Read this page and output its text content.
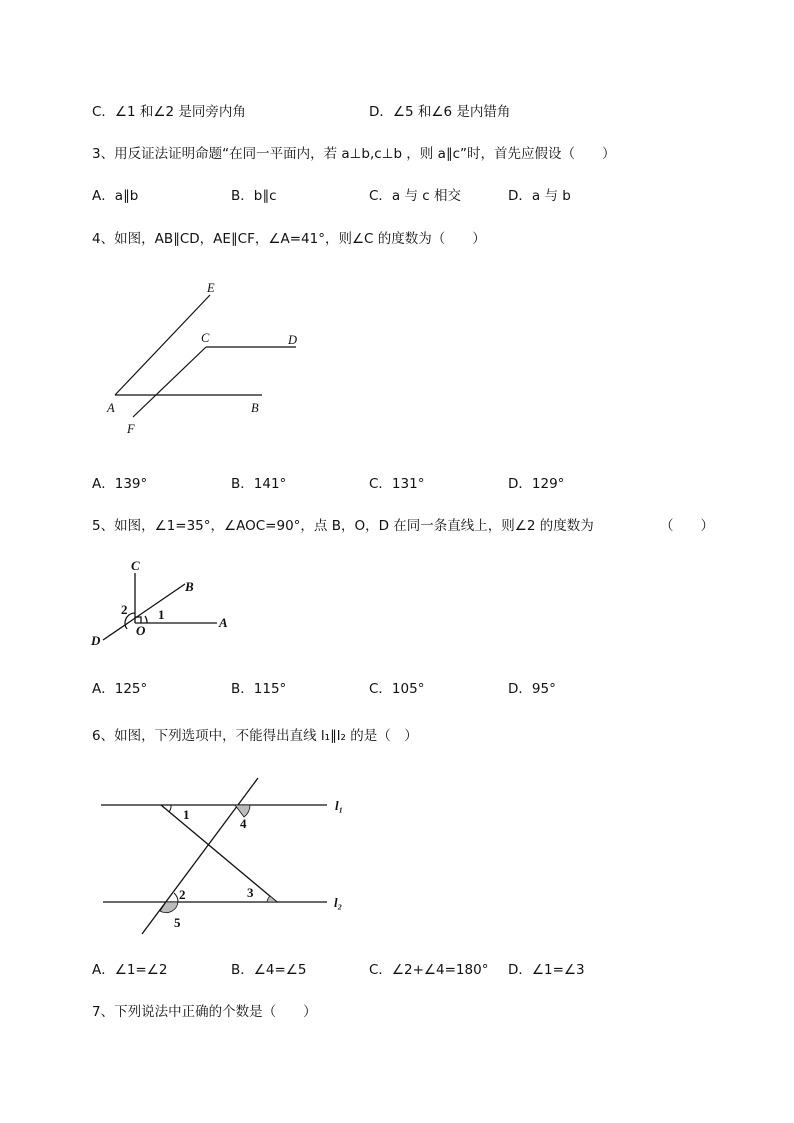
C．∠1 和∠2 是同旁内角	D．∠5 和∠6 是内错角
3、用反证法证明命题“在同一平面内，若 a⊥b,c⊥b ，则 a∥c”时，首先应假设（　　）
A．a∥b	B．b∥c	C．a 与 c 相交	D．a 与 b
4、如图，AB∥CD，AE∥CF，∠A=41°，则∠C 的度数为（　　）
E
C	D
A	B
F
A．139°	B．141°	C．131°	D．129°
5、如图，∠1=35°，∠AOC=90°，点 B，O，D 在同一条直线上，则∠2 的度数为	（　　）
C
B
2 1
O
A
D
A．125°	B．115°	C．105°	D．95°
6、如图，下列选项中，不能得出直线 l₁∥l₂ 的是（　）
1
4
2	3
5
l₁
l₂
A．∠1=∠2	B．∠4=∠5	C．∠2+∠4=180° D．∠1=∠3
7、下列说法中正确的个数是（　　）
